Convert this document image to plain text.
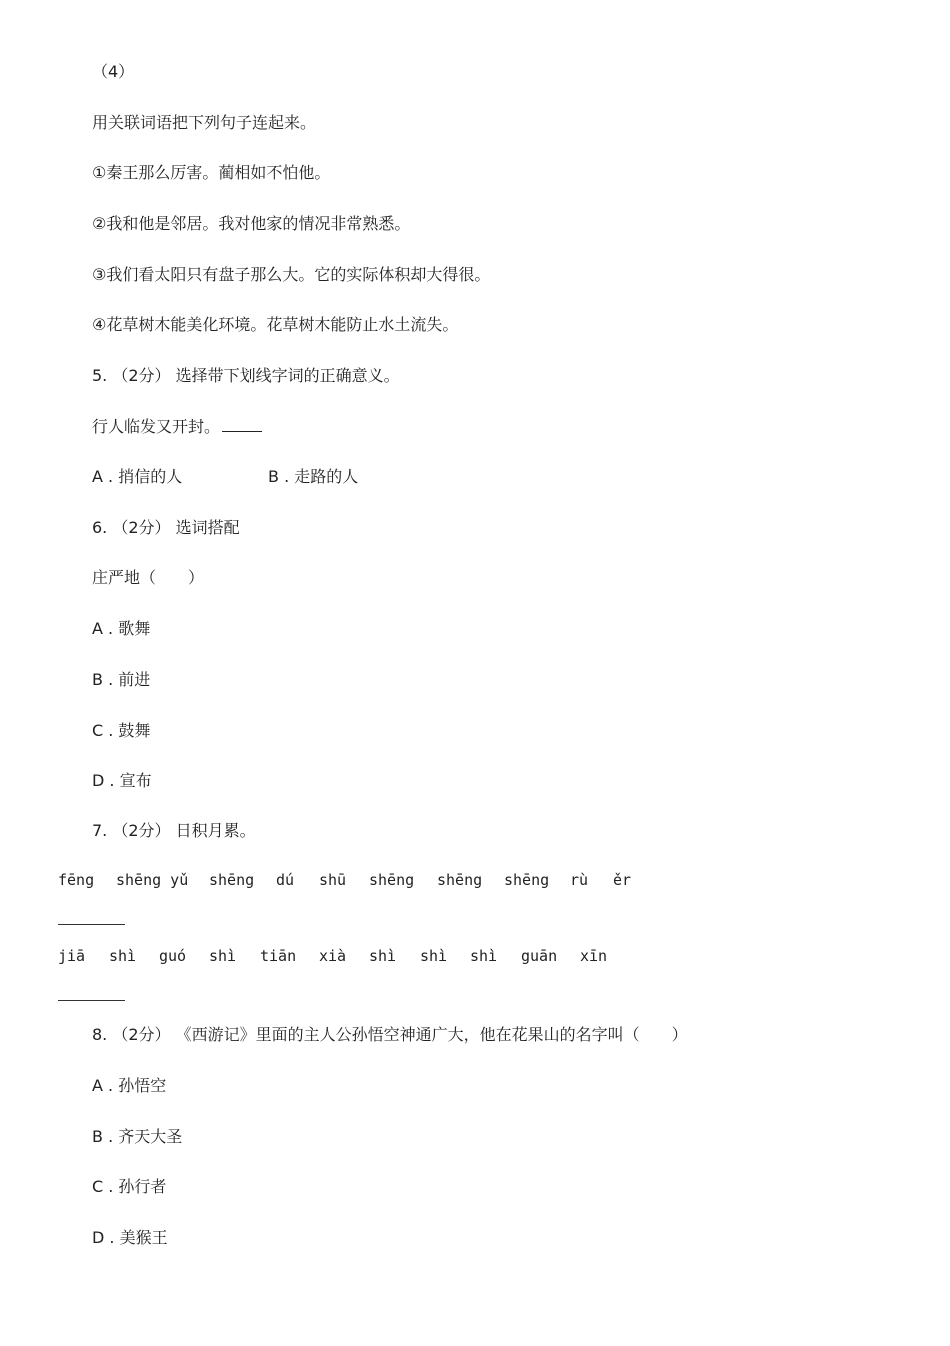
（4）
用关联词语把下列句子连起来。
①秦王那么厉害。蔺相如不怕他。
②我和他是邻居。我对他家的情况非常熟悉。
③我们看太阳只有盘子那么大。它的实际体积却大得很。
④花草树木能美化环境。花草树木能防止水土流失。
5. （2分） 选择带下划线字词的正确意义。
行人临发又开封。
A . 捎信的人	B . 走路的人
6. （2分） 选词搭配
庄严地（　　）
A . 歌舞
B . 前进
C . 鼓舞
D . 宣布
7. （2分） 日积月累。
fēng shēng yǔ shēng dú shū shēng shēng shēng rù ěr
jiā shì guó shì tiān xià shì shì shì guān xīn
8. （2分） 《西游记》里面的主人公孙悟空神通广大，他在花果山的名字叫（　　）
A . 孙悟空
B . 齐天大圣
C . 孙行者
D . 美猴王
